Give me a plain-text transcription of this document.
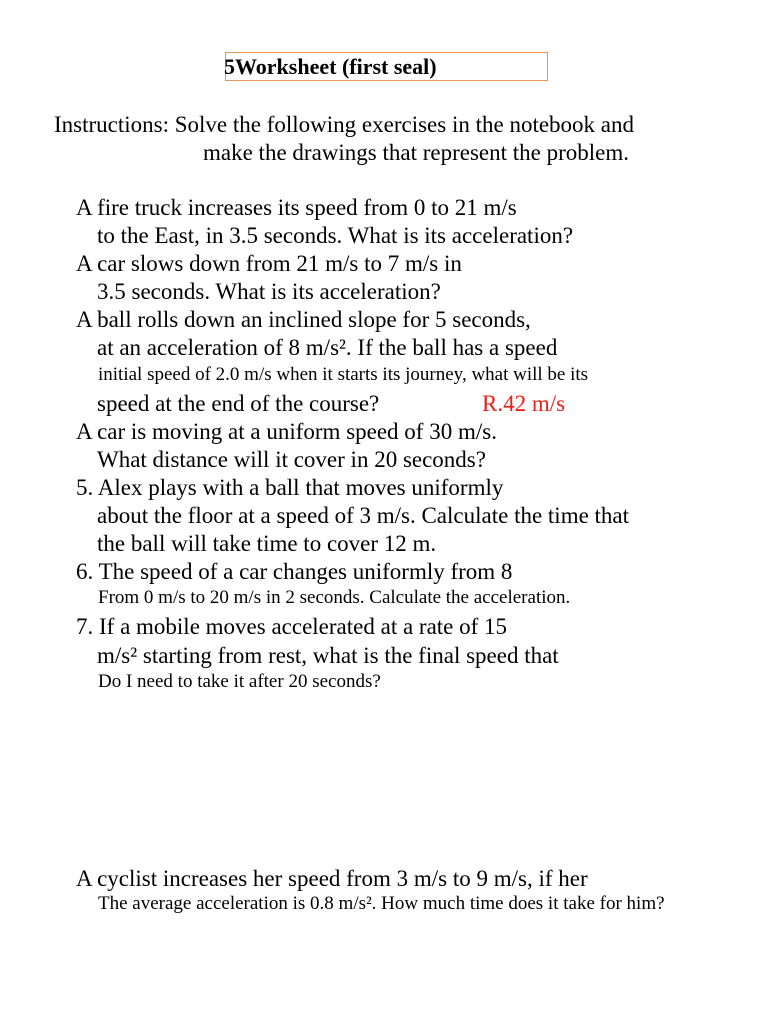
5Worksheet (first seal)
Instructions: Solve the following exercises in the notebook and
make the drawings that represent the problem.
A fire truck increases its speed from 0 to 21 m/s
to the East, in 3.5 seconds. What is its acceleration?
A car slows down from 21 m/s to 7 m/s in
3.5 seconds. What is its acceleration?
A ball rolls down an inclined slope for 5 seconds,
at an acceleration of 8 m/s². If the ball has a speed
initial speed of 2.0 m/s when it starts its journey, what will be its
speed at the end of the course?	R.42 m/s
A car is moving at a uniform speed of 30 m/s.
What distance will it cover in 20 seconds?
5. Alex plays with a ball that moves uniformly
about the floor at a speed of 3 m/s. Calculate the time that
the ball will take time to cover 12 m.
6. The speed of a car changes uniformly from 8
From 0 m/s to 20 m/s in 2 seconds. Calculate the acceleration.
7. If a mobile moves accelerated at a rate of 15
m/s² starting from rest, what is the final speed that
Do I need to take it after 20 seconds?
A cyclist increases her speed from 3 m/s to 9 m/s, if her
The average acceleration is 0.8 m/s². How much time does it take for him?
